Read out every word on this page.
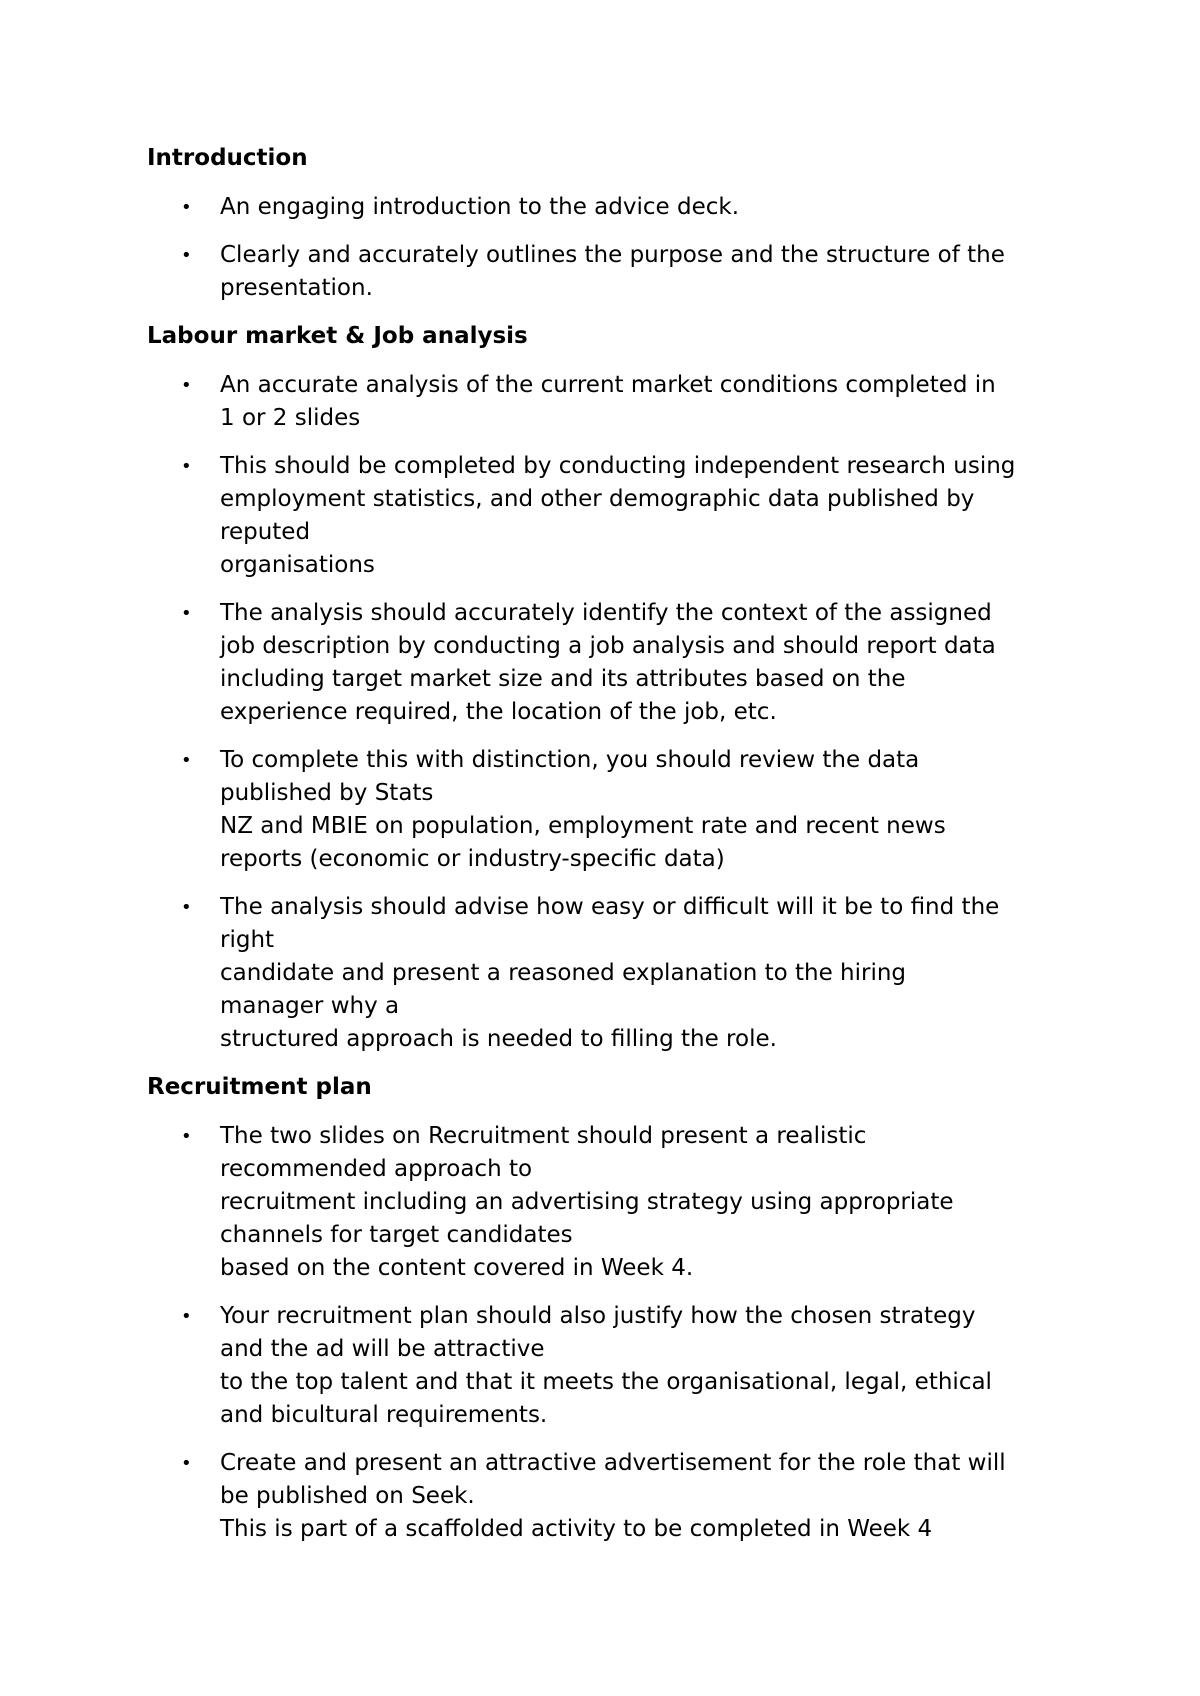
Introduction
• An engaging introduction to the advice deck.
• Clearly and accurately outlines the purpose and the structure of the
presentation.
Labour market & Job analysis
• An accurate analysis of the current market conditions completed in
1 or 2 slides
• This should be completed by conducting independent research using
employment statistics, and other demographic data published by
reputed
organisations
• The analysis should accurately identify the context of the assigned
job description by conducting a job analysis and should report data
including target market size and its attributes based on the
experience required, the location of the job, etc.
• To complete this with distinction, you should review the data
published by Stats
NZ and MBIE on population, employment rate and recent news
reports (economic or industry-specific data)
• The analysis should advise how easy or difficult will it be to find the
right
candidate and present a reasoned explanation to the hiring
manager why a
structured approach is needed to filling the role.
Recruitment plan
• The two slides on Recruitment should present a realistic
recommended approach to
recruitment including an advertising strategy using appropriate
channels for target candidates
based on the content covered in Week 4.
• Your recruitment plan should also justify how the chosen strategy
and the ad will be attractive
to the top talent and that it meets the organisational, legal, ethical
and bicultural requirements.
• Create and present an attractive advertisement for the role that will
be published on Seek.
This is part of a scaffolded activity to be completed in Week 4
